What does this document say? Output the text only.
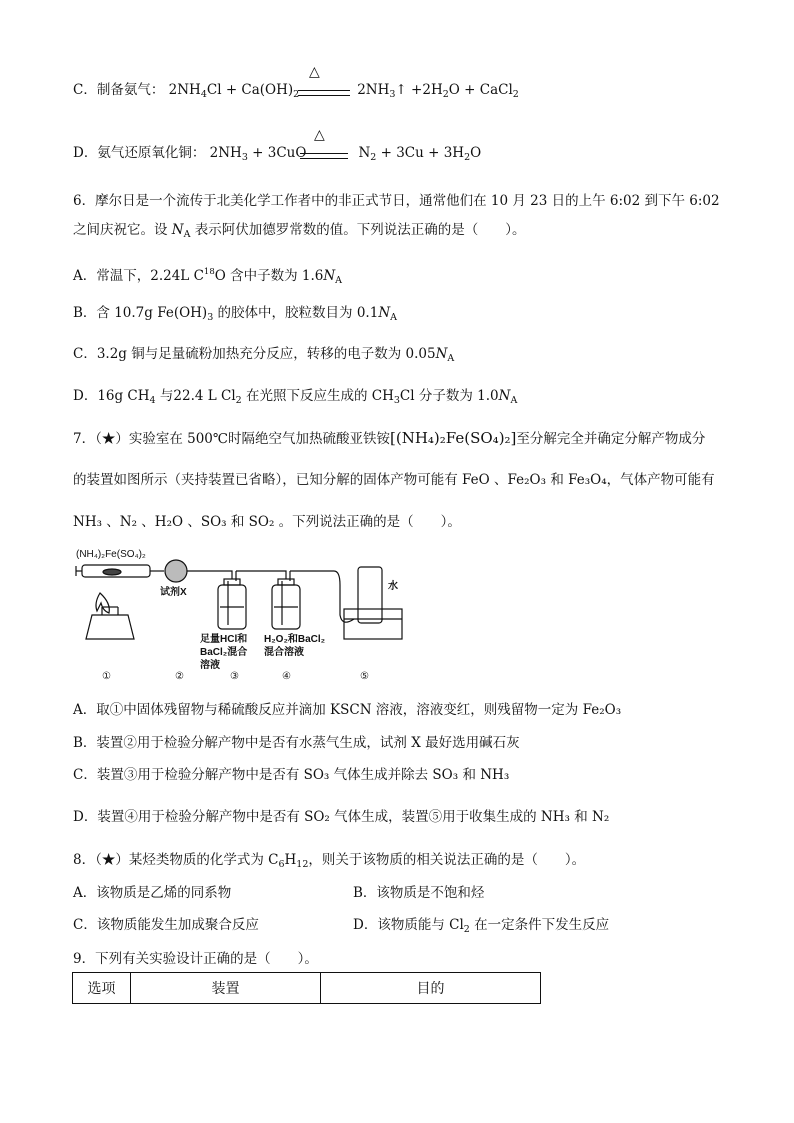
C．制备氨气： $2NH_4Cl + Ca(OH)_2$	$2NH_3↑ +2H_2O$ + CaCl$_2$
△
D．氨气还原氧化铜： $2NH_3 + 3CuO$	$N_2 + 3Cu + 3H_2O$
△
6．摩尔日是一个流传于北美化学工作者中的非正式节日，通常他们在 10 月 23 日的上午 6:02 到下午 6:02
之间庆祝它。设 $N_A$ 表示阿伏加德罗常数的值。下列说法正确的是（　　）。
A．常温下，2.24L $C^{18}O$ 含中子数为 $1.6N_A$
B．含 10.7g $Fe(OH)_3$ 的胶体中，胶粒数目为 $0.1N_A$
C．3.2g 铜与足量硫粉加热充分反应，转移的电子数为 $0.05N_A$
D．16g $CH_4$ 与22.4 L $Cl_2$ 在光照下反应生成的 $CH_3Cl$ 分子数为 $1.0N_A$
7．（★）实验室在 500℃时隔绝空气加热硫酸亚铁铵[(NH₄)₂Fe(SO₄)₂]至分解完全并确定分解产物成分
的装置如图所示（夹持装置已省略），已知分解的固体产物可能有 FeO 、Fe₂O₃ 和 Fe₃O₄，气体产物可能有
NH₃ 、N₂ 、H₂O 、SO₃ 和 SO₂ 。下列说法正确的是（　　）。
(NH₄)₂Fe(SO₄)₂
试剂X
水
足量HCl和
BaCl₂混合
溶液
H₂O₂和BaCl₂
混合溶液
①	②	③	④	⑤
A．取①中固体残留物与稀硫酸反应并滴加 KSCN 溶液，溶液变红，则残留物一定为 Fe₂O₃
B．装置②用于检验分解产物中是否有水蒸气生成，试剂 X 最好选用碱石灰
C．装置③用于检验分解产物中是否有 SO₃ 气体生成并除去 SO₃ 和 NH₃
D．装置④用于检验分解产物中是否有 SO₂ 气体生成，装置⑤用于收集生成的 NH₃ 和 N₂
8．（★）某烃类物质的化学式为 $C_6H_{12}$，则关于该物质的相关说法正确的是（　　）。
A．该物质是乙烯的同系物	B．该物质是不饱和烃
C．该物质能发生加成聚合反应	D．该物质能与 $Cl_2$ 在一定条件下发生反应
9．下列有关实验设计正确的是（　　）。
选项	装置	目的
